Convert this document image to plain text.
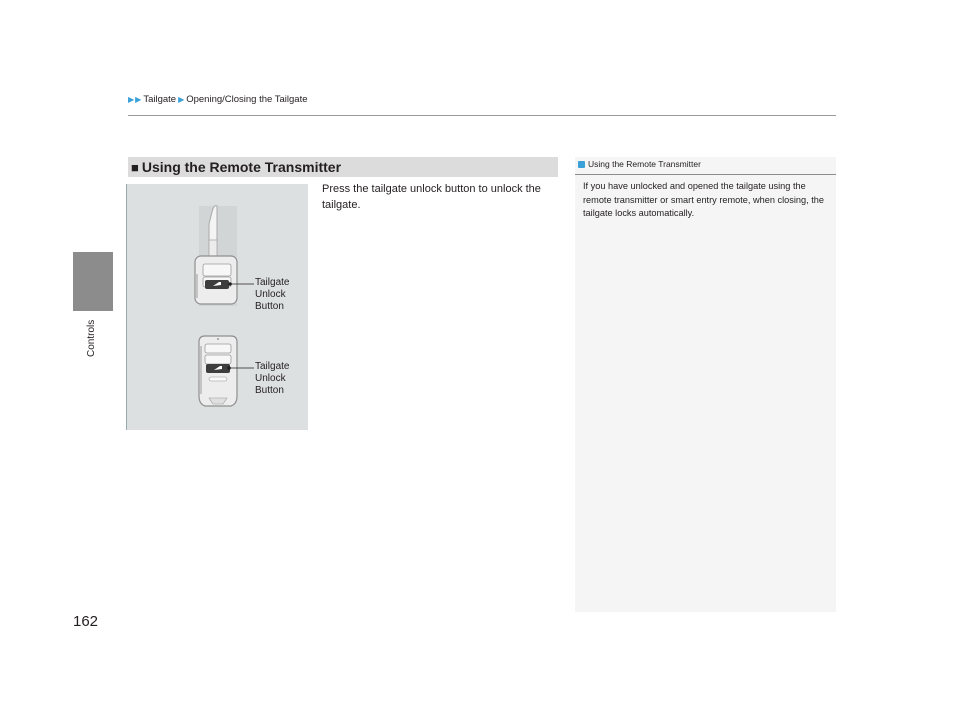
Controls
162
▶ ▶ Tailgate ▶ Opening/Closing the Tailgate
■ Using the Remote Transmitter
Tailgate
Unlock
Button
Tailgate
Unlock
Button
Press the tailgate unlock button to unlock the tailgate.
Using the Remote Transmitter
If you have unlocked and opened the tailgate using the remote transmitter or smart entry remote, when closing, the tailgate locks automatically.
